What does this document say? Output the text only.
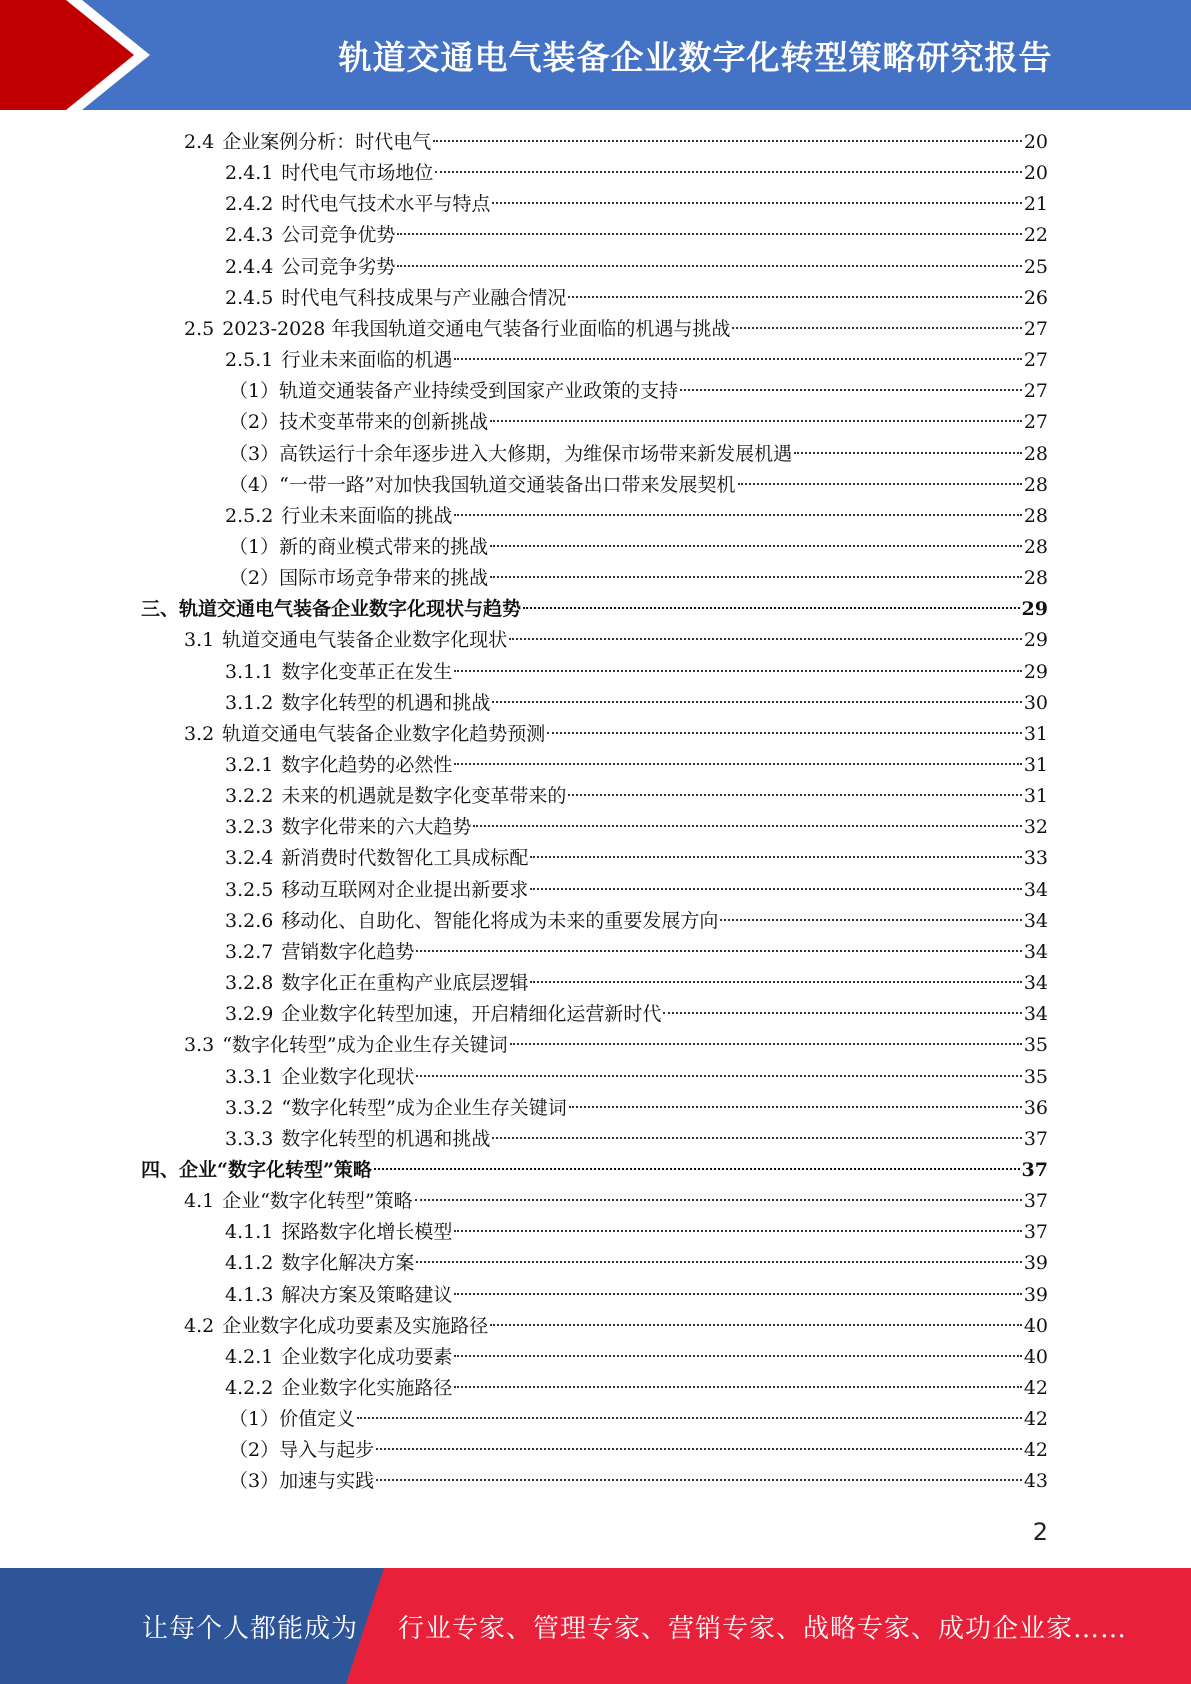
轨道交通电气装备企业数字化转型策略研究报告
2.4 企业案例分析：时代电气	20
2.4.1 时代电气市场地位	20
2.4.2 时代电气技术水平与特点	21
2.4.3 公司竞争优势	22
2.4.4 公司竞争劣势	25
2.4.5 时代电气科技成果与产业融合情况	26
2.5 2023-2028 年我国轨道交通电气装备行业面临的机遇与挑战	27
2.5.1 行业未来面临的机遇	27
（1） 轨道交通装备产业持续受到国家产业政策的支持	27
（2） 技术变革带来的创新挑战	27
（3） 高铁运行十余年逐步进入大修期，为维保市场带来新发展机遇	28
（4） “一带一路”对加快我国轨道交通装备出口带来发展契机	28
2.5.2 行业未来面临的挑战	28
（1） 新的商业模式带来的挑战	28
（2） 国际市场竞争带来的挑战	28
三、 轨道交通电气装备企业数字化现状与趋势	29
3.1 轨道交通电气装备企业数字化现状	29
3.1.1 数字化变革正在发生	29
3.1.2 数字化转型的机遇和挑战	30
3.2 轨道交通电气装备企业数字化趋势预测	31
3.2.1 数字化趋势的必然性	31
3.2.2 未来的机遇就是数字化变革带来的	31
3.2.3 数字化带来的六大趋势	32
3.2.4 新消费时代数智化工具成标配	33
3.2.5 移动互联网对企业提出新要求	34
3.2.6 移动化、自助化、智能化将成为未来的重要发展方向	34
3.2.7 营销数字化趋势	34
3.2.8 数字化正在重构产业底层逻辑	34
3.2.9 企业数字化转型加速，开启精细化运营新时代	34
3.3 “数字化转型”成为企业生存关键词	35
3.3.1 企业数字化现状	35
3.3.2 “数字化转型”成为企业生存关键词	36
3.3.3 数字化转型的机遇和挑战	37
四、 企业“数字化转型”策略	37
4.1 企业“数字化转型”策略	37
4.1.1 探路数字化增长模型	37
4.1.2 数字化解决方案	39
4.1.3 解决方案及策略建议	39
4.2 企业数字化成功要素及实施路径	40
4.2.1 企业数字化成功要素	40
4.2.2 企业数字化实施路径	42
（1） 价值定义	42
（2） 导入与起步	42
（3） 加速与实践	43
2
让每个人都能成为 行业专家、管理专家、营销专家、战略专家、成功企业家……
